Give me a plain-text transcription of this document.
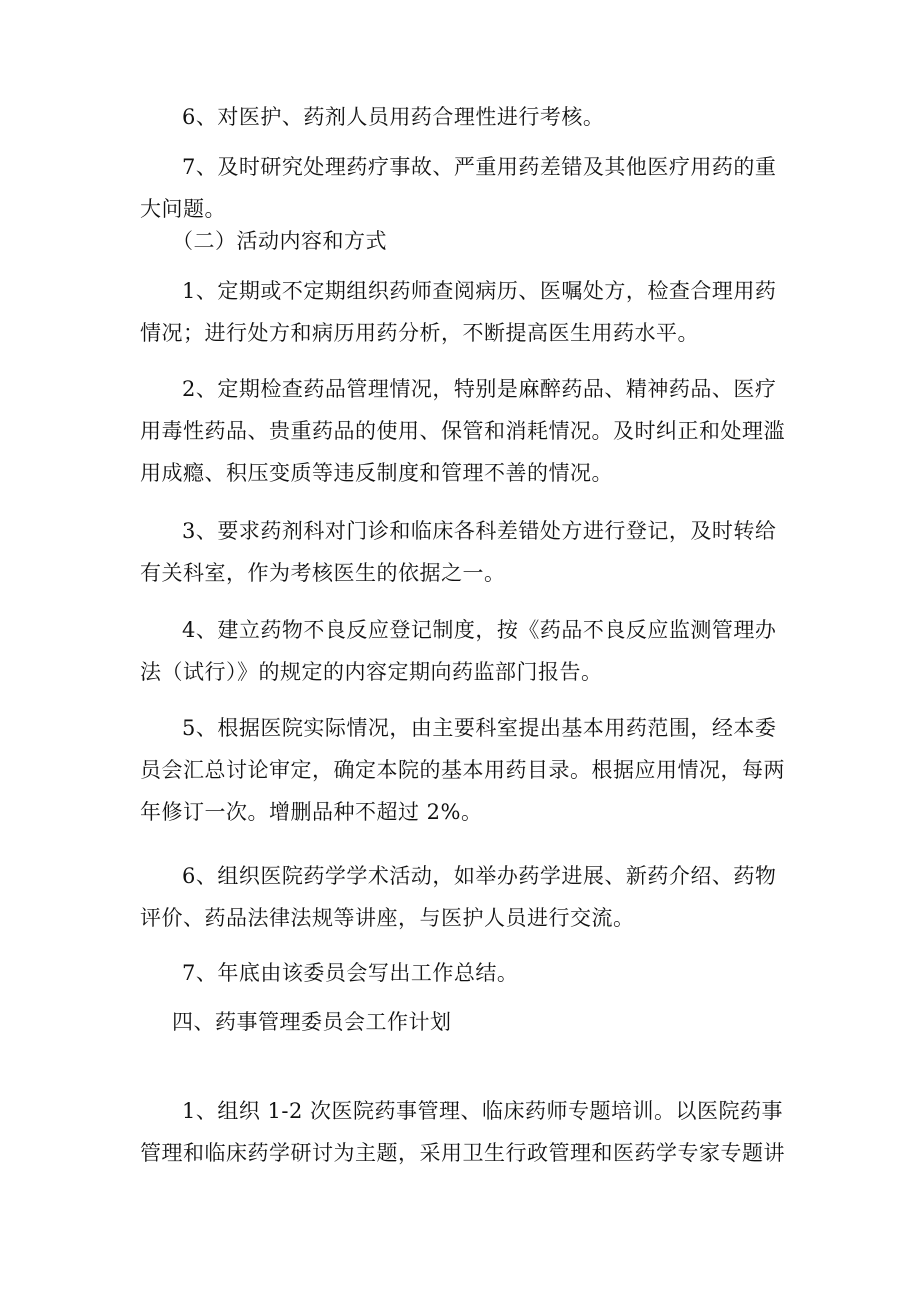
6、对医护、药剂人员用药合理性进行考核。

7、及时研究处理药疗事故、严重用药差错及其他医疗用药的重大问题。

（二）活动内容和方式

1、定期或不定期组织药师查阅病历、医嘱处方，检查合理用药情况；进行处方和病历用药分析，不断提高医生用药水平。

2、定期检查药品管理情况，特别是麻醉药品、精神药品、医疗用毒性药品、贵重药品的使用、保管和消耗情况。及时纠正和处理滥用成瘾、积压变质等违反制度和管理不善的情况。

3、要求药剂科对门诊和临床各科差错处方进行登记，及时转给有关科室，作为考核医生的依据之一。

4、建立药物不良反应登记制度，按《药品不良反应监测管理办法（试行）》的规定的内容定期向药监部门报告。

5、根据医院实际情况，由主要科室提出基本用药范围，经本委员会汇总讨论审定，确定本院的基本用药目录。根据应用情况，每两年修订一次。增删品种不超过 2%。

6、组织医院药学学术活动，如举办药学进展、新药介绍、药物评价、药品法律法规等讲座，与医护人员进行交流。

7、年底由该委员会写出工作总结。

四、药事管理委员会工作计划

1、组织 1-2 次医院药事管理、临床药师专题培训。以医院药事管理和临床药学研讨为主题，采用卫生行政管理和医药学专家专题讲
